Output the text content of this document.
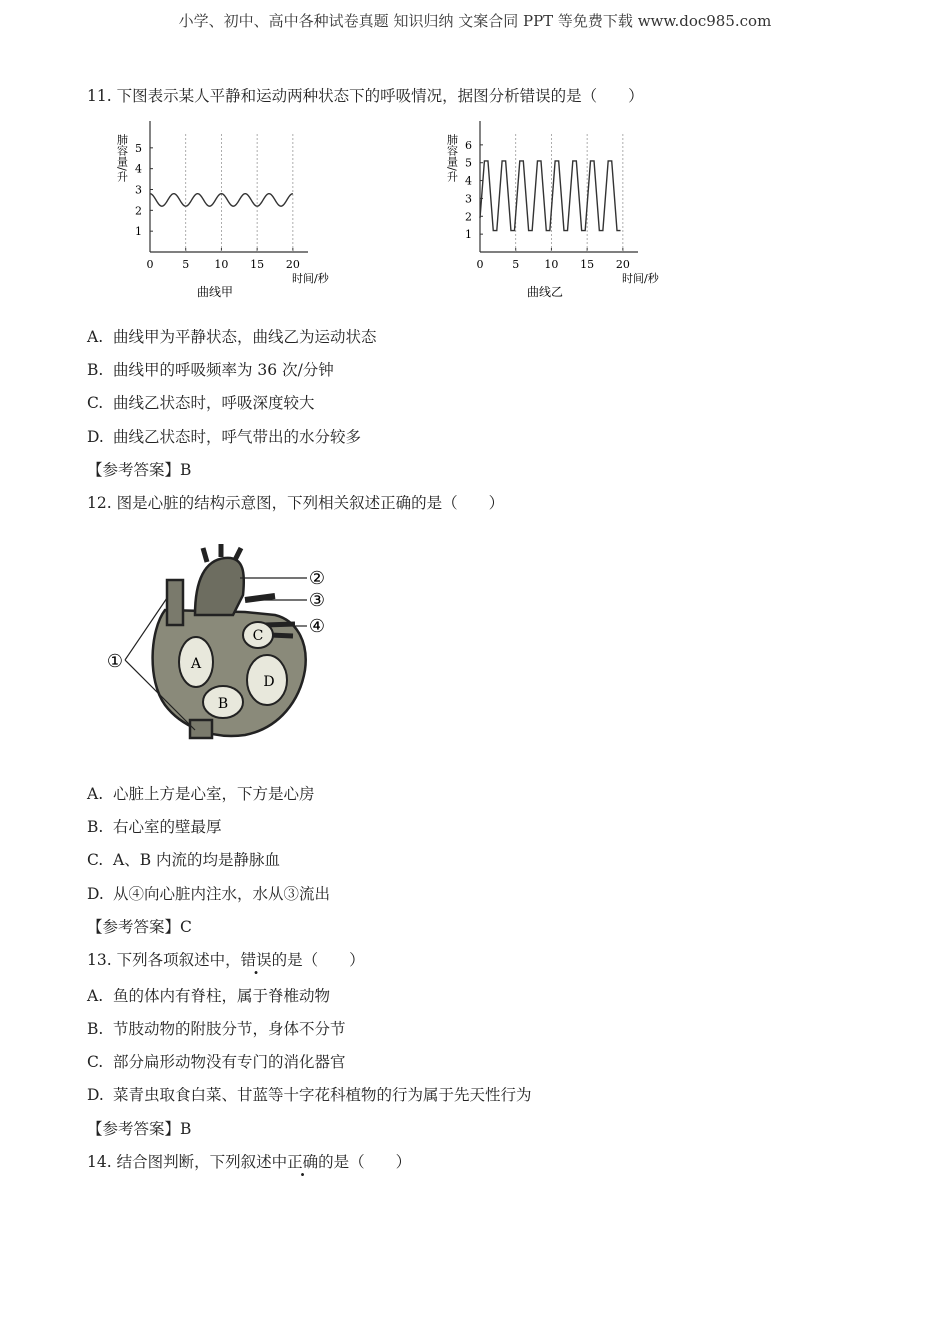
小学、初中、高中各种试卷真题 知识归纳 文案合同 PPT 等免费下载 www.doc985.com
11. 下图表示某人平静和运动两种状态下的呼吸情况，据图分析错误的是（　　）
0	5 10 15 20
1
2
3
4
5
肺容量/升
时间/秒
曲线甲
0	5 10 15 20
1
2
3
4
5
6
肺容量/升
时间/秒
曲线乙
A. 曲线甲为平静状态，曲线乙为运动状态
B. 曲线甲的呼吸频率为 36 次/分钟
C. 曲线乙状态时，呼吸深度较大
D. 曲线乙状态时，呼气带出的水分较多
【参考答案】B
12. 图是心脏的结构示意图，下列相关叙述正确的是（　　）
A
B
C
D
①
②
③
④
A. 心脏上方是心室，下方是心房
B. 右心室的壁最厚
C. A、B 内流的均是静脉血
D. 从④向心脏内注水，水从③流出
【参考答案】C
13. 下列各项叙述中，错误的是（　　）
A. 鱼的体内有脊柱，属于脊椎动物
B. 节肢动物的附肢分节，身体不分节
C. 部分扁形动物没有专门的消化器官
D. 菜青虫取食白菜、甘蓝等十字花科植物的行为属于先天性行为
【参考答案】B
14. 结合图判断，下列叙述中正确的是（　　）
